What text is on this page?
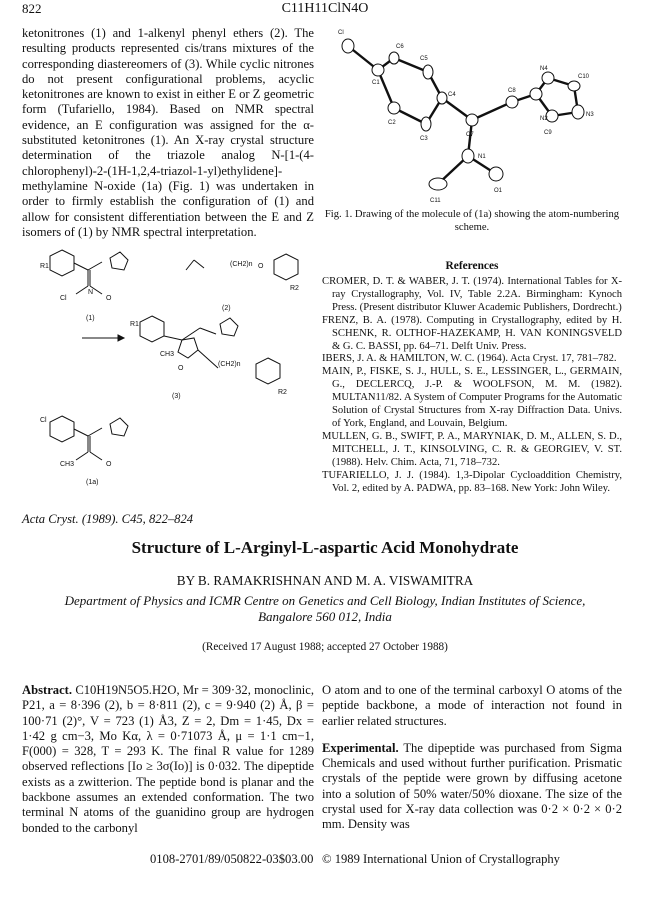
822	C11H11ClN4O
ketonitrones (1) and 1-alkenyl phenyl ethers (2). The resulting products represented cis/trans mixtures of the corresponding diastereomers of (3). While cyclic nitrones do not present configurational problems, acyclic ketonitrones are known to exist in either E or Z geometric form (Tufariello, 1984). Based on NMR spectral evidence, an E configuration was assigned for the α-substituted ketonitrones (1). An X-ray crystal structure determination of the triazole analog N-[1-(4-chlorophenyl)-2-(1H-1,2,4-triazol-1-yl)ethylidene]-methylamine N-oxide (1a) (Fig. 1) was undertaken in order to firmly establish the configuration of (1) and allow for consistent differentiation between the E and Z isomers of (1) by NMR spectral interpretation.
Cl
C6
C5
C1
C4
C2
C3
C8
N4
C10
N2
N3
C9
C7
N1
C11
O1
Fig. 1. Drawing of the molecule of (1a) showing the atom-numbering scheme.
R1
Cl
N
O
(CH2)n O
R2
R1
CH3
O
(CH2)n
R2
Cl
CH3	O
(1)
(2)
(3)
(1a)
References
CROMER, D. T. & WABER, J. T. (1974). International Tables for X-ray Crystallography, Vol. IV, Table 2.2A. Birmingham: Kynoch Press. (Present distributor Kluwer Academic Publishers, Dordrecht.)
FRENZ, B. A. (1978). Computing in Crystallography, edited by H. SCHENK, R. OLTHOF-HAZEKAMP, H. VAN KONINGSVELD & G. C. BASSI, pp. 64–71. Delft Univ. Press.
IBERS, J. A. & HAMILTON, W. C. (1964). Acta Cryst. 17, 781–782.
MAIN, P., FISKE, S. J., HULL, S. E., LESSINGER, L., GERMAIN, G., DECLERCQ, J.-P. & WOOLFSON, M. M. (1982). MULTAN11/82. A System of Computer Programs for the Automatic Solution of Crystal Structures from X-ray Diffraction Data. Univs. of York, England, and Louvain, Belgium.
MULLEN, G. B., SWIFT, P. A., MARYNIAK, D. M., ALLEN, S. D., MITCHELL, J. T., KINSOLVING, C. R. & GEORGIEV, V. ST. (1988). Helv. Chim. Acta, 71, 718–732.
TUFARIELLO, J. J. (1984). 1,3-Dipolar Cycloaddition Chemistry, Vol. 2, edited by A. PADWA, pp. 83–168. New York: John Wiley.
Acta Cryst. (1989). C45, 822–824
Structure of L-Arginyl-L-aspartic Acid Monohydrate
BY B. RAMAKRISHNAN AND M. A. VISWAMITRA
Department of Physics and ICMR Centre on Genetics and Cell Biology, Indian Institutes of Science, Bangalore 560 012, India
(Received 17 August 1988; accepted 27 October 1988)
Abstract. C10H19N5O5.H2O, Mr = 309·32, monoclinic, P21, a = 8·396 (2), b = 8·811 (2), c = 9·940 (2) Å, β = 100·71 (2)°, V = 723 (1) Å3, Z = 2, Dm = 1·45, Dx = 1·42 g cm−3, Mo Kα, λ = 0·71073 Å, μ = 1·1 cm−1, F(000) = 328, T = 293 K. The final R value for 1289 observed reflections [Io ≥ 3σ(Io)] is 0·032. The dipeptide exists as a zwitterion. The peptide bond is planar and the backbone assumes an extended conformation. The two terminal N atoms of the guanidino group are hydrogen bonded to the carbonyl
O atom and to one of the terminal carboxyl O atoms of the peptide backbone, a mode of interaction not found in earlier related structures.
Experimental. The dipeptide was purchased from Sigma Chemicals and used without further purification. Prismatic crystals of the peptide were grown by diffusing acetone into a solution of 50% water/50% dioxane. The size of the crystal used for X-ray data collection was 0·2 × 0·2 × 0·2 mm. Density was
0108-2701/89/050822-03$03.00 © 1989 International Union of Crystallography
